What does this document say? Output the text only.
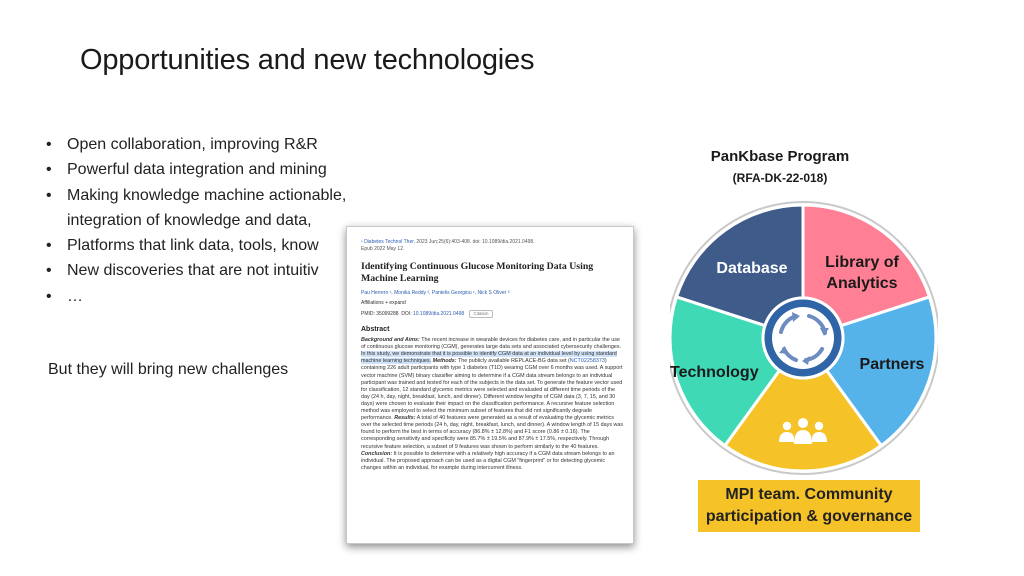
Opportunities and new technologies
• Open collaboration, improving R&R
• Powerful data integration and mining
• Making knowledge machine actionable,
integration of knowledge and data,
• Platforms that link data, tools, know
• New discoveries that are not intuitiv
• …

But they will bring new challenges

› Diabetes Technol Ther. 2023 Jun;25(6):403-408. doi: 10.1089/dia.2021.0498.
Epub 2022 May 12.
Identifying Continuous Glucose Monitoring Data Using Machine Learning
Pau Herrero ¹, Monika Reddy ², Pantelis Georgiou ¹, Nick S Oliver ³
Affiliations + expand
PMID: 35099288 DOI: 10.1089/dia.2021.0498 Citation
Abstract
Background and Aims: The recent increase in wearable devices for diabetes care, and in particular the use of continuous glucose monitoring (CGM), generates large data sets and associated cybersecurity challenges. In this study, we demonstrate that it is possible to identify CGM data at an individual level by using standard machine learning techniques. Methods: The publicly available REPLACE-BG data set (NCT02258373) containing 226 adult participants with type 1 diabetes (T1D) wearing CGM over 6 months was used. A support vector machine (SVM) binary classifier aiming to determine if a CGM data stream belongs to an individual participant was trained and tested for each of the subjects in the data set. To generate the feature vector used for classification, 12 standard glycemic metrics were selected and evaluated at different time periods of the day (24 h, day, night, breakfast, lunch, and dinner). Different window lengths of CGM data (3, 7, 15, and 30 days) were chosen to evaluate their impact on the classification performance. A recursive feature selection method was employed to select the minimum subset of features that did not significantly degrade performance. Results: A total of 40 features were generated as a result of evaluating the glycemic metrics over the selected time periods (24 h, day, night, breakfast, lunch, and dinner). A window length of 15 days was found to perform the best in terms of accuracy (86.8% ± 12.8%) and F1 score (0.86 ± 0.16). The corresponding sensitivity and specificity were 85.7% ± 19.5% and 87.9% ± 17.5%, respectively. Through recursive feature selection, a subset of 9 features was shown to perform similarly to the 40 features. Conclusion: It is possible to determine with a relatively high accuracy if a CGM data stream belongs to an individual. The proposed approach can be used as a digital CGM "fingerprint" or for detecting glycemic changes within an individual, for example during intercurrent illness.

PanKbase Program

(RFA-DK-22-018)

Database	Library of
Analytics
Technology	Partners
MPI team. Community
participation & governance
